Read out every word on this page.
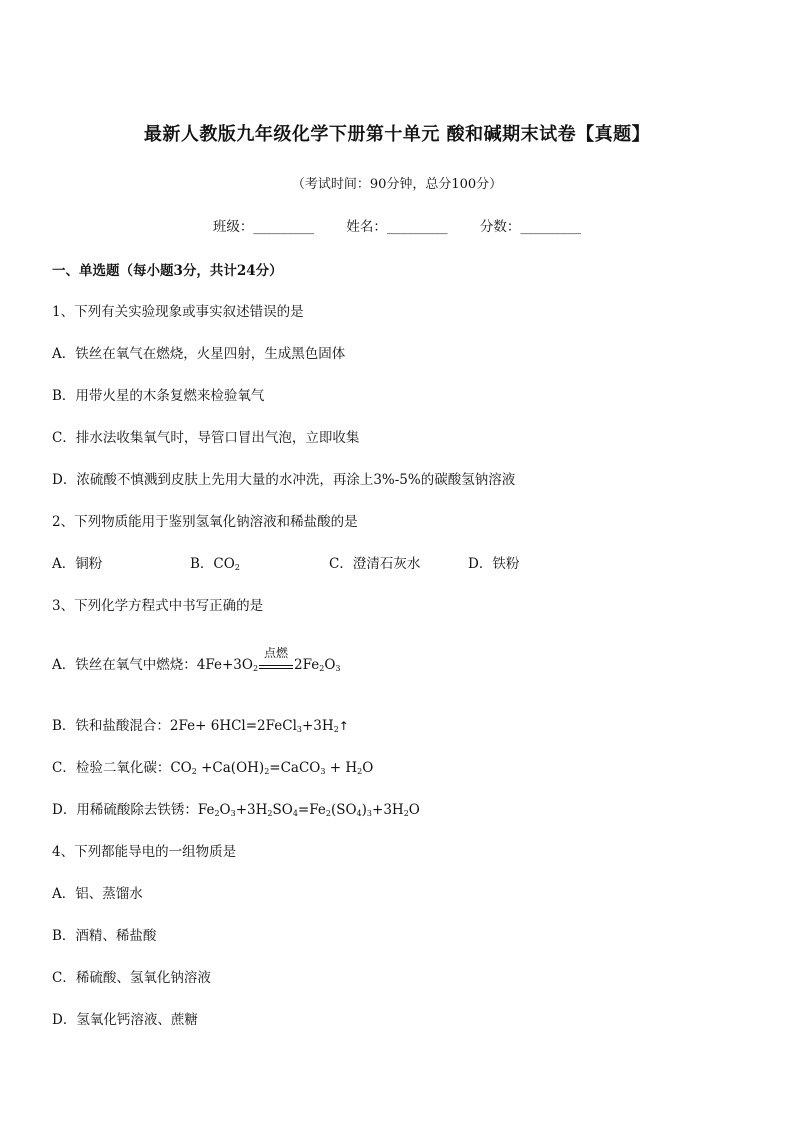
最新人教版九年级化学下册第十单元 酸和碱期末试卷【真题】
（考试时间：90分钟，总分100分）
班级：_________ 姓名：_________ 分数：_________
一、单选题（每小题3分，共计24分）
1、下列有关实验现象或事实叙述错误的是
A．铁丝在氧气在燃烧，火星四射，生成黑色固体
B．用带火星的木条复燃来检验氧气
C．排水法收集氧气时，导管口冒出气泡，立即收集
D．浓硫酸不慎溅到皮肤上先用大量的水冲洗，再涂上3%-5%的碳酸氢钠溶液
2、下列物质能用于鉴别氢氧化钠溶液和稀盐酸的是
A．铜粉	B．$CO_2$	C．澄清石灰水	D．铁粉
3、下列化学方程式中书写正确的是
A．铁丝在氧气中燃烧：$4Fe+3O_2$
点燃
$2Fe_2O_3$
B．铁和盐酸混合：$2Fe+ 6HCl=2FeCl_3+3H_2↑$
C．检验二氧化碳：$CO_2$ $+Ca(OH)_2=CaCO_3 + H_2O$
D．用稀硫酸除去铁锈：$Fe_2O_3+3H_2SO_4=Fe_2(SO_4)_3+3H_2O$
4、下列都能导电的一组物质是
A．铝、蒸馏水
B．酒精、稀盐酸
C．稀硫酸、氢氧化钠溶液
D．氢氧化钙溶液、蔗糖
